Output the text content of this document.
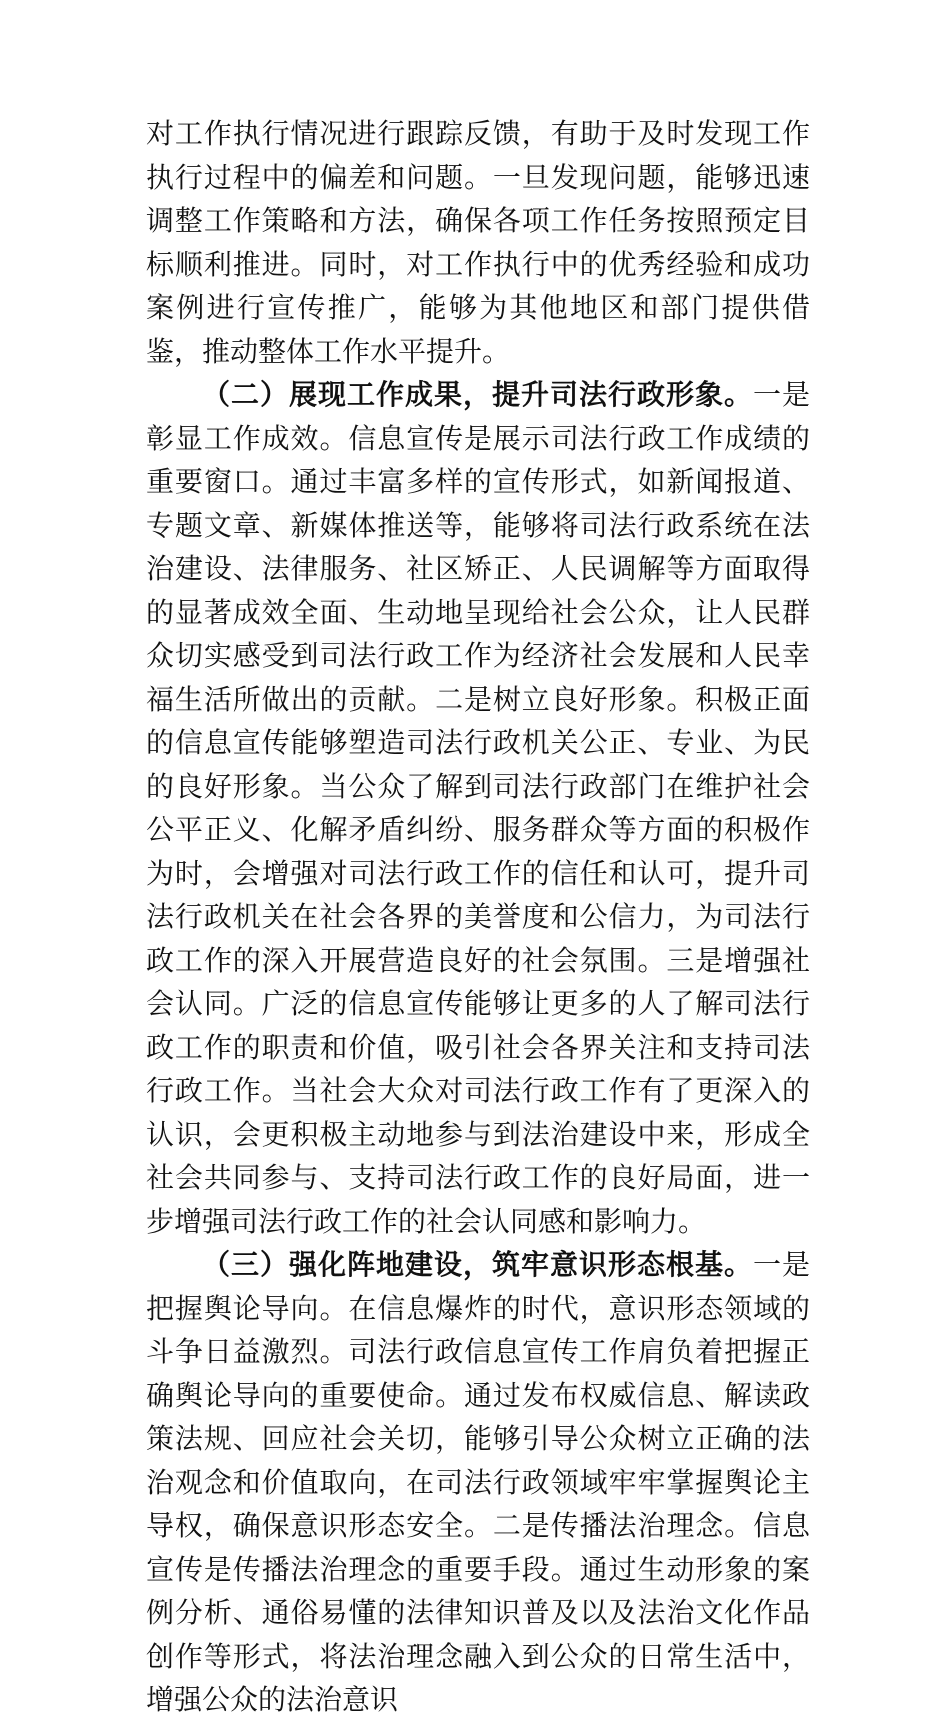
对工作执行情况进行跟踪反馈，有助于及时发现工作执行过程中的偏差和问题。一旦发现问题，能够迅速调整工作策略和方法，确保各项工作任务按照预定目标顺利推进。同时，对工作执行中的优秀经验和成功案例进行宣传推广，能够为其他地区和部门提供借鉴，推动整体工作水平提升。

（二）展现工作成果，提升司法行政形象。一是彰显工作成效。信息宣传是展示司法行政工作成绩的重要窗口。通过丰富多样的宣传形式，如新闻报道、专题文章、新媒体推送等，能够将司法行政系统在法治建设、法律服务、社区矫正、人民调解等方面取得的显著成效全面、生动地呈现给社会公众，让人民群众切实感受到司法行政工作为经济社会发展和人民幸福生活所做出的贡献。二是树立良好形象。积极正面的信息宣传能够塑造司法行政机关公正、专业、为民的良好形象。当公众了解到司法行政部门在维护社会公平正义、化解矛盾纠纷、服务群众等方面的积极作为时，会增强对司法行政工作的信任和认可，提升司法行政机关在社会各界的美誉度和公信力，为司法行政工作的深入开展营造良好的社会氛围。三是增强社会认同。广泛的信息宣传能够让更多的人了解司法行政工作的职责和价值，吸引社会各界关注和支持司法行政工作。当社会大众对司法行政工作有了更深入的认识，会更积极主动地参与到法治建设中来，形成全社会共同参与、支持司法行政工作的良好局面，进一步增强司法行政工作的社会认同感和影响力。

（三）强化阵地建设，筑牢意识形态根基。一是把握舆论导向。在信息爆炸的时代，意识形态领域的斗争日益激烈。司法行政信息宣传工作肩负着把握正确舆论导向的重要使命。通过发布权威信息、解读政策法规、回应社会关切，能够引导公众树立正确的法治观念和价值取向，在司法行政领域牢牢掌握舆论主导权，确保意识形态安全。二是传播法治理念。信息宣传是传播法治理念的重要手段。通过生动形象的案例分析、通俗易懂的法律知识普及以及法治文化作品创作等形式，将法治理念融入到公众的日常生活中，增强公众的法治意识
